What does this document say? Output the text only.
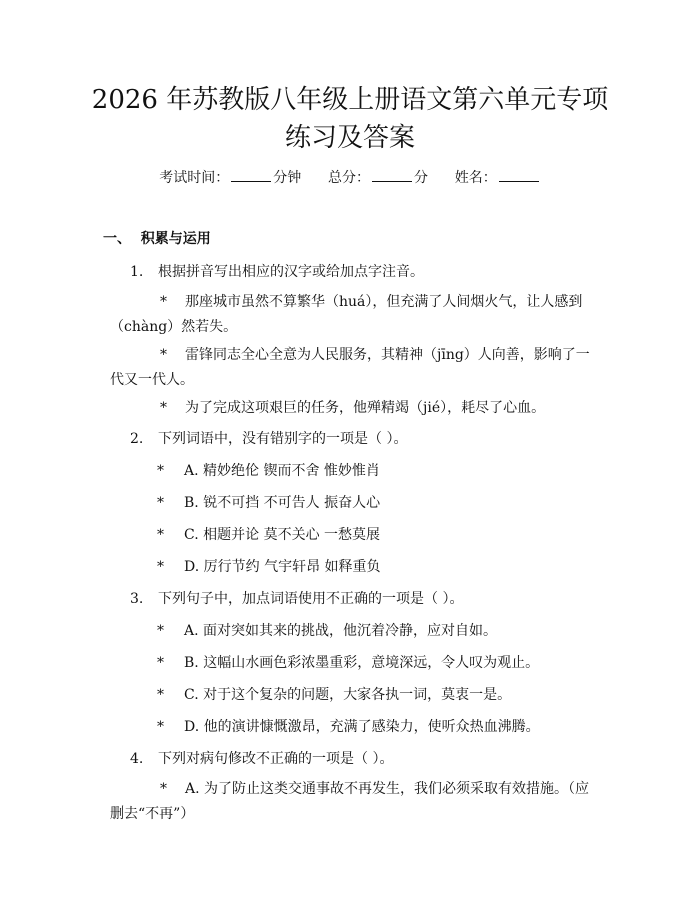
2026 年苏教版八年级上册语文第六单元专项
练习及答案
考试时间：	分钟 总分：	分 姓名：
一、  积累与运用
1. 根据拼音写出相应的汉字或给加点字注音。
* 那座城市虽然不算繁华（huá），但充满了人间烟火气，让人感到（chàng）然若失。
* 雷锋同志全心全意为人民服务，其精神（jīng）人向善，影响了一代又一代人。
* 为了完成这项艰巨的任务，他殚精竭（jié），耗尽了心血。
2. 下列词语中，没有错别字的一项是（ ）。
* A. 精妙绝伦 锲而不舍 惟妙惟肖
* B. 锐不可挡 不可告人 振奋人心
* C. 相题并论 莫不关心 一愁莫展
* D. 厉行节约 气宇轩昂 如释重负
3. 下列句子中，加点词语使用不正确的一项是（ ）。
* A. 面对突如其来的挑战，他沉着冷静，应对自如。
* B. 这幅山水画色彩浓墨重彩，意境深远，令人叹为观止。
* C. 对于这个复杂的问题，大家各执一词，莫衷一是。
* D. 他的演讲慷慨激昂，充满了感染力，使听众热血沸腾。
4. 下列对病句修改不正确的一项是（ ）。
* A. 为了防止这类交通事故不再发生，我们必须采取有效措施。（应删去“不再”）
